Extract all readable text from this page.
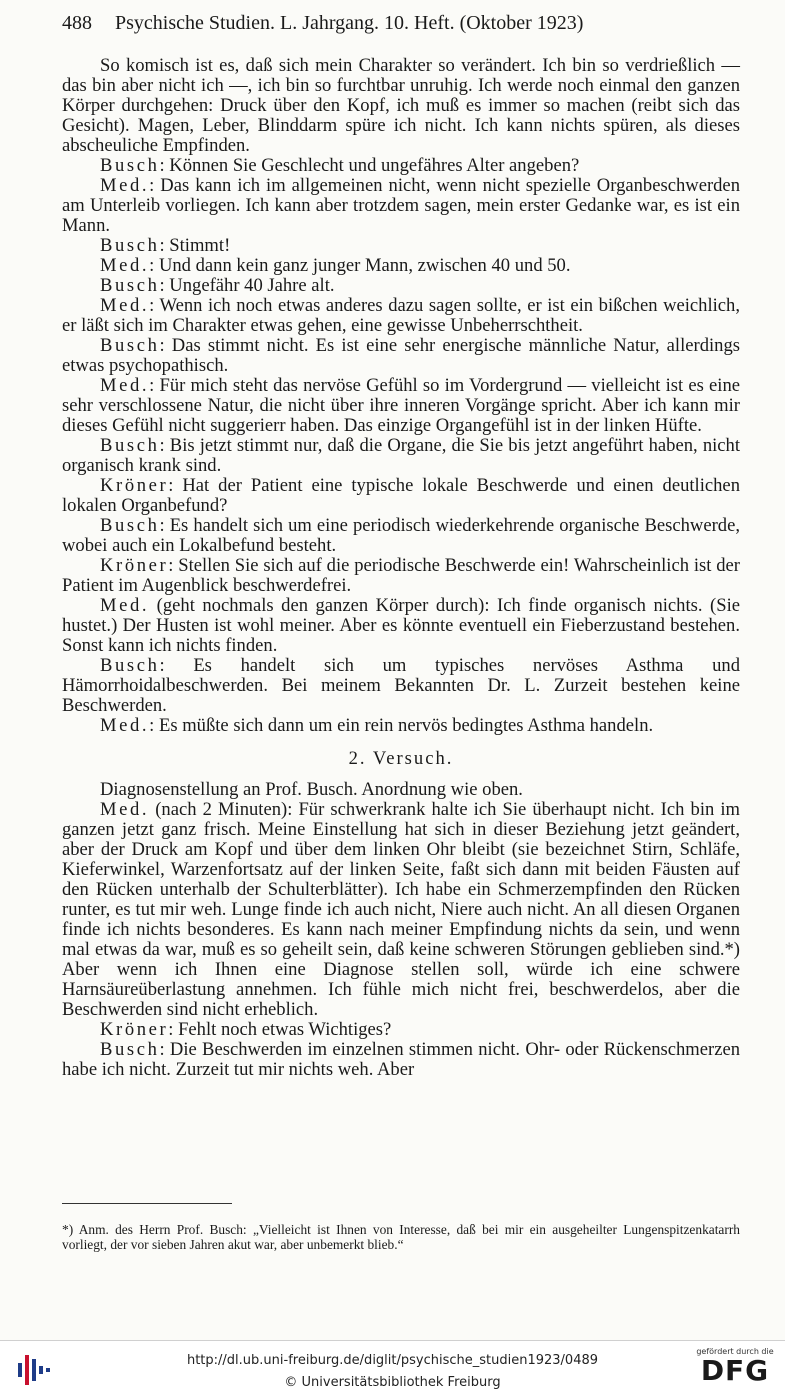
488 Psychische Studien. L. Jahrgang. 10. Heft. (Oktober 1923)

So komisch ist es, daß sich mein Charakter so verändert. Ich bin so verdrießlich — das bin aber nicht ich —, ich bin so furchtbar unruhig. Ich werde noch einmal den ganzen Körper durchgehen: Druck über den Kopf, ich muß es immer so machen (reibt sich das Gesicht). Magen, Leber, Blinddarm spüre ich nicht. Ich kann nichts spüren, als dieses abscheuliche Empfinden.

Busch: Können Sie Geschlecht und ungefähres Alter angeben?

Med.: Das kann ich im allgemeinen nicht, wenn nicht spezielle Organbeschwerden am Unterleib vorliegen. Ich kann aber trotzdem sagen, mein erster Gedanke war, es ist ein Mann.

Busch: Stimmt!

Med.: Und dann kein ganz junger Mann, zwischen 40 und 50.

Busch: Ungefähr 40 Jahre alt.

Med.: Wenn ich noch etwas anderes dazu sagen sollte, er ist ein bißchen weichlich, er läßt sich im Charakter etwas gehen, eine gewisse Unbeherrschtheit.

Busch: Das stimmt nicht. Es ist eine sehr energische männliche Natur, allerdings etwas psychopathisch.

Med.: Für mich steht das nervöse Gefühl so im Vordergrund — vielleicht ist es eine sehr verschlossene Natur, die nicht über ihre inneren Vorgänge spricht. Aber ich kann mir dieses Gefühl nicht suggerierr haben. Das einzige Organgefühl ist in der linken Hüfte.

Busch: Bis jetzt stimmt nur, daß die Organe, die Sie bis jetzt angeführt haben, nicht organisch krank sind.

Kröner: Hat der Patient eine typische lokale Beschwerde und einen deutlichen lokalen Organbefund?

Busch: Es handelt sich um eine periodisch wiederkehrende organische Beschwerde, wobei auch ein Lokalbefund besteht.

Kröner: Stellen Sie sich auf die periodische Beschwerde ein! Wahrscheinlich ist der Patient im Augenblick beschwerdefrei.

Med. (geht nochmals den ganzen Körper durch): Ich finde organisch nichts. (Sie hustet.) Der Husten ist wohl meiner. Aber es könnte eventuell ein Fieberzustand bestehen. Sonst kann ich nichts finden.

Busch: Es handelt sich um typisches nervöses Asthma und Hämorrhoidalbeschwerden. Bei meinem Bekannten Dr. L. Zurzeit bestehen keine Beschwerden.

Med.: Es müßte sich dann um ein rein nervös bedingtes Asthma handeln.

2. Versuch.

Diagnosenstellung an Prof. Busch. Anordnung wie oben.

Med. (nach 2 Minuten): Für schwerkrank halte ich Sie überhaupt nicht. Ich bin im ganzen jetzt ganz frisch. Meine Einstellung hat sich in dieser Beziehung jetzt geändert, aber der Druck am Kopf und über dem linken Ohr bleibt (sie bezeichnet Stirn, Schläfe, Kieferwinkel, Warzenfortsatz auf der linken Seite, faßt sich dann mit beiden Fäusten auf den Rücken unterhalb der Schulterblätter). Ich habe ein Schmerzempfinden den Rücken runter, es tut mir weh. Lunge finde ich auch nicht, Niere auch nicht. An all diesen Organen finde ich nichts besonderes. Es kann nach meiner Empfindung nichts da sein, und wenn mal etwas da war, muß es so geheilt sein, daß keine schweren Störungen geblieben sind.*) Aber wenn ich Ihnen eine Diagnose stellen soll, würde ich eine schwere Harnsäureüberlastung annehmen. Ich fühle mich nicht frei, beschwerdelos, aber die Beschwerden sind nicht erheblich.

Kröner: Fehlt noch etwas Wichtiges?

Busch: Die Beschwerden im einzelnen stimmen nicht. Ohr- oder Rückenschmerzen habe ich nicht. Zurzeit tut mir nichts weh. Aber

*) Anm. des Herrn Prof. Busch: „Vielleicht ist Ihnen von Interesse, daß bei mir ein ausgeheilter Lungenspitzenkatarrh vorliegt, der vor sieben Jahren akut war, aber unbemerkt blieb.“

http://dl.ub.uni-freiburg.de/diglit/psychische_studien1923/0489
© Universitätsbibliothek Freiburg
gefördert durch die
DFG
